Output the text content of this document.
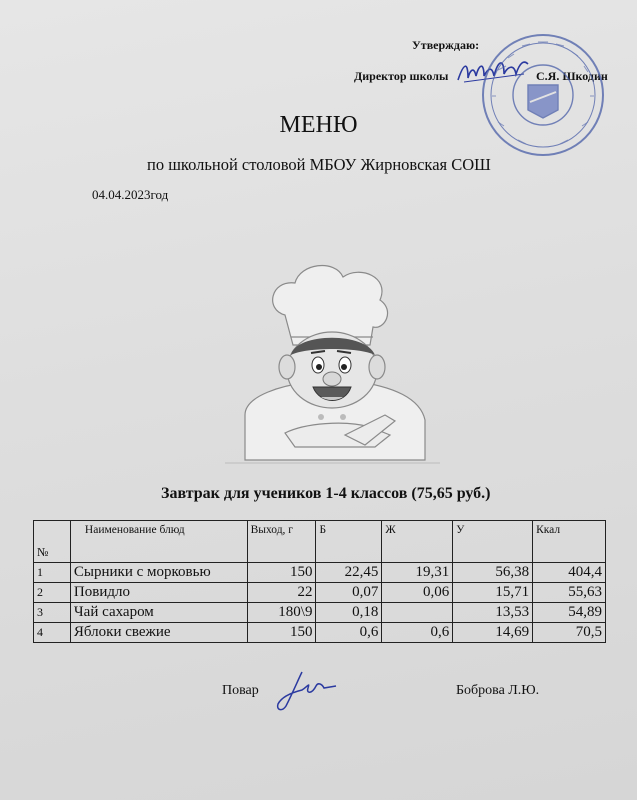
Утверждаю:
Директор школы	С.Я. Шкодин
МЕНЮ
по школьной столовой МБОУ Жирновская СОШ
04.04.2023год
Завтрак для учеников 1-4 классов (75,65 руб.)
№	Наименование блюд	Выход, г	Б	Ж	У	Ккал
1	Сырники с морковью	150	22,45	19,31	56,38	404,4
2	Повидло	22	0,07	0,06	15,71	55,63
3	Чай сахаром	180\9	0,18		13,53	54,89
4	Яблоки свежие	150	0,6	0,6	14,69	70,5
Повар	Боброва Л.Ю.
